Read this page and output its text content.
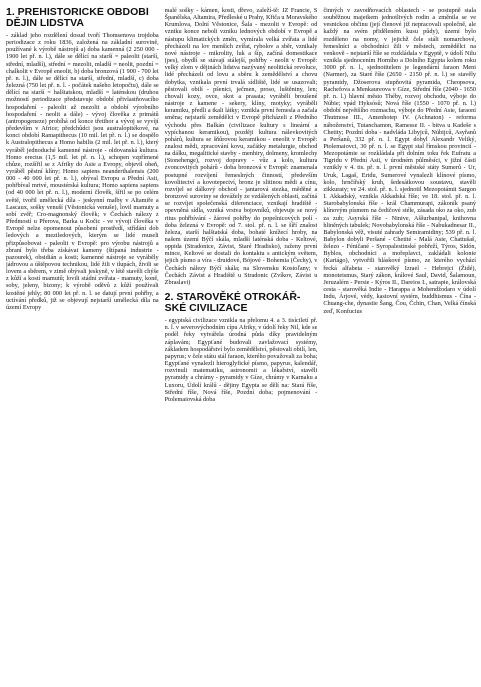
1. PREHISTORICKÉ OBDOBÍ DĚJIN LIDSTVA

- základ jeho rozdělení dosud tvoří Thomsenova trojdoba periodizace z roku 1836, založená na základní surovině, používané k výrobě nástrojů a) doba kamenná (2 250 000 - 1900 let př. n. l.), dále se dělící na starší = paleolit (starší, střední, mladší), střední = mezolit, mladší = neolit, pozdní = chalkolit v Evropě eneolit, b) doba bronzová (1 900 - 700 let př. n. l.), dále se dělící na starší, střední, mladší, c) doba železná (750 let př. n. l. - počátek našeho letopočtu), dále se dělící na starší = halštatskou, mladší = laténskou (druhou možností periodizace představuje období přivlastňovacího hospodaření - paleolit až mezolit a období výrobního hospodaření - neolit a dále) - vývoj člověka z primátů (antropogeneze) probíhá od konce třetihor a vývoj se vyvíjí především v Africe; předchůdci jsou australopitékové, na konci období Ramapithecus (10 mil. let př. n. l.) se dospělo k Australopithecus a Homo habilis (2 mil. let př. n. l.), který vyráběl jednoduché kamenné nástroje - oldovanská kultura. Homo erectus (1,5 mil. let př. n. l.), schopen vzpřímené chůze, rozšířil se z Afriky do Asie a Evropy, objevil oheň, vyráběl pěstní klíny; Homo sapiens neanderthalensis (200 000 - 40 000 let př. n. l.), obýval Evropu a Přední Asii, pohřbíval mrtvé, moustérská kultura; Homo sapiens sapiens (od 40 000 let př. n. l.), moderní člověk, šířil se po celém světě, tvořil umělecká díla - jeskynní malby v Altamiře a Lascaux, sošky venuší (Věstonická venuše), lovil mamuty a sobí zvěř; Cro-magnonský člověk; v Čechách nálezy z Předmostí u Přerova, Barka u Kočic - ve vývoji člověka v Evropě nelze opomenout působení prostředí, střídání dob ledových a meziledových, kterým se lidé museli přizpůsobovat - paleolit v Evropě: pro výrobu nástrojů a zbraní bylo třeba získávat kameny (štípaná industrie - pazourek), obsidián a kosti; kamenné nástroje se vyráběly jádrovou a úštěpovou technikou, lidé žili v tlupách, živili se lovem a sběrem, v zimě obývali jeskyně, v létě stavěli chýše z kůží a kostí mamutů; lovili stádní zvířata - mamuty, koně, soby, jeleny, bizony; k výrobě oděvů z kůží používali kostěné jehly; 80 000 let př. n. l. se datují první pohřby, a uctívání předků, již se objevují nejstarší umělecká díla na území Evropy

malé sošky - kámen, kosti, dřevo, zaleží-tě: JZ Francie, S Španělska, Altamira, Předleské u Prahy, Křiča u Moravského Krumlova, Dolní Věstonice, Šala - mezolit v Evropě: od vzniku konce neboli vzniku lednových období v Evropě a nástupu klimatických změn, vymírala velká zvířata a lidé přecházeli na lov menších zvířat, rybolov a sběr, vznikaly nové nástroje - mikrolity, luk a šíp, začíná domestikace (pes), obydlí se stávají stálejší, pohřby - neolit v Evropě: velký zlom v dějinách lidstva nazývaný neolitická revoluce, lidé přecházeli od lovu a sběru k zemědělství a chovu dobytka, vznikala první trvalá sídliště, lidé se usazovali; pěstovali obilí - pšenici, ječmen, proso, luštěniny, len; chovali kozy, ovce, skot a prasata; vyráběli broušené nástroje z kamene - sekery, klíny, motyky; vyráběli keramiku, předli a tkali látky; vznikla první řemesla a začala směna; nejstarší zemědělci v Evropě přicházeli z Předního východu přes Balkán (civilizace kultury s lineární a vypíchanou keramikou), později kultura nálevkovitých pohárů, kultura se šňůrovou keramikou - eneolit v Evropě: znalost mědi, zpracování kovu, začátky metalurgie, obchod na dálku, megalitické stavby - menhiry, dolmeny, kromlechy (Stonehenge), rozvoj dopravy - vůz a kolo, kultura zvoncovitých pohárů - doba bronzová v Evropě: znamenala postupné rozvíjení řemeslných činností, především kovolitectví a kovotepectví, bronz je slitinou mědi a cínu, rozvíjel se dálkový obchod - jantarová stezka, měděné a bronzové suroviny se dovážely ze vzdálených oblastí, začíná se rozvíjet společenská diferenciace, vznikají hradiště - opevněná sídla, vzniká vrstva bojovníků, objevuje se nový ritus pohřbívání - žárové pohřby do popelnicových polí - doba železná v Evropě: od 7. stol. př. n. l. se šíří znalost železa, starší halštatská doba, bohaté knížecí hroby, na našem území Býčí skála, mladší laténská doba - Keltové, oppida (Stradonice, Závist, Staré Hradisko), raženy první mince, Keltové se dostali do kontaktu s antickým světem, jejich písmo a víra - druidové, Bójové - Bohemia (Čechy), v Čechách nálezy Býčí skála; na Slovensku Kostoľany; v Čechách Závist a Hradiště u Stradonic (Zvíkov, Závist u Zbraslavi)

2. STAROVĚKÉ OTROKÁŘ-SKÉ CIVILIZACE

- egyptská civilizace vznikla na přelomu 4. a 3. tisíciletí př. n. l. v severovýchodním cípu Afriky, v údolí řeky Nil, kde se podél řeky vytvářela úrodná půda díky pravidelným záplavám; Egypťané budovali zavlažovací systémy, základem hospodářství bylo zemědělství, pěstovali obilí, len, papyrus; v čele státu stál faraon, kterého považovali za boha; Egypťané vynalezli hieroglyfické písmo, papyrus, kalendář, rozvinuli matematiku, astronomii a lékařství, stavěli pyramidy a chrámy - pyramidy v Gíze, chrámy v Karnaku a Luxoru, Údolí králů - dějiny Egypta se dělí na: Stará říše, Střední říše, Nová říše, Pozdní doba; pojmenování - Ptolemaiovská doba

činných v zavodňovacích oblastech - se postupně stala souběžnou majetkem jednotlivých rodin a změnila se ve vesnickou občinu (její členové již nepracovali společně, ale každý na svém přiděleném kusu půdy), území bylo rozděleno na nomy, v jejichž čele stáli nomarchové, řemeslníci a obchodníci žili v městech, zemědělci na venkově - nejstarší říše se rozkládala v Egyptě, v údolí Nilu vznikla sjednocením Horního a Dolního Egypta kolem roku 3000 př. n. l., sjednotitelem je legendární faraon Meni (Narmer), za Staré říše (2650 - 2150 př. n. l.) se stavěly pyramidy, Džoserova stupňovitá pyramida, Cheopsova, Rachefova a Menkaureova v Gíze, Střední říše (2040 - 1650 př. n. l.) hlavní město Théby, rozvoj obchodu, výboje do Núbie; vpád Hyksósů; Nová říše (1550 - 1070 př. n. l.) období největšího rozmachu, výboje do Přední Asie, faraoni Thutmose III., Amenhotep IV. (Achnaton) - reforma náboženství, Tutanchamon, Ramesse II. - bitva u Kadeše s Chetity; Pozdní doba - nadvláda Libyjců, Núbijců, Asyřanů a Peršanů, 332 př. n. l. Egypt dobyl Alexandr Veliký, Ptolemaiovci, 30 př. n. l. se Egypt stal římskou provincií - Mezopotámie se rozkládala při dolním toku řek Eufratu a Tigridu v Přední Asii, v úrodném půlměsíci, v jižní části vznikly v 4. tis. př. n. l. první městské státy Sumerů - Ur, Uruk, Lagaš, Eridu, Sumerové vynalezli klínové písmo, kolo, hrnčířský kruh, šedesátkovou soustavu, stavěli zikkuraty; ve 24. stol. př. n. l. sjednotil Mezopotámii Sargon I. Akkadský, vznikla Akkadská říše; ve 18. stol. př. n. l. Starobabylonská říše - král Chammurapi, zákoník psaný klínovým písmem na čedičové stéle, zásada oko za oko, zub za zub; Asyrská říše - Ninive, Aššurbanipal, knihovna hliněných tabulek; Novobabylonská říše - Nabukadnesar II., Babylonská věž, visuté zahrady Semiramidiny; 539 př. n. l. Babylon dobyli Peršané - Chetité - Malá Asie, Chattušaš, železo - Féničané - Syropalestinské pobřeží, Týros, Sidón, Byblos, obchodníci a mořeplavci, zakládali kolonie (Kartágo), vytvořili hláskové písmo, ze kterého vychází řecká alfabeta - starověký Izrael - Hebrejci (Židé), monoteismus, Starý zákon, králové Saul, David, Šalamoun, Jeruzalém - Persie - Kýros II., Dareios I., satrapie, královská cesta - starověká Indie - Harappa a Mohendžodaro v údolí Indu, Árjové, védy, kastovní systém, buddhismus - Čína - Chuang-che, dynastie Šang, Čou, Čchin, Chan, Velká čínská zeď, Konfucius
